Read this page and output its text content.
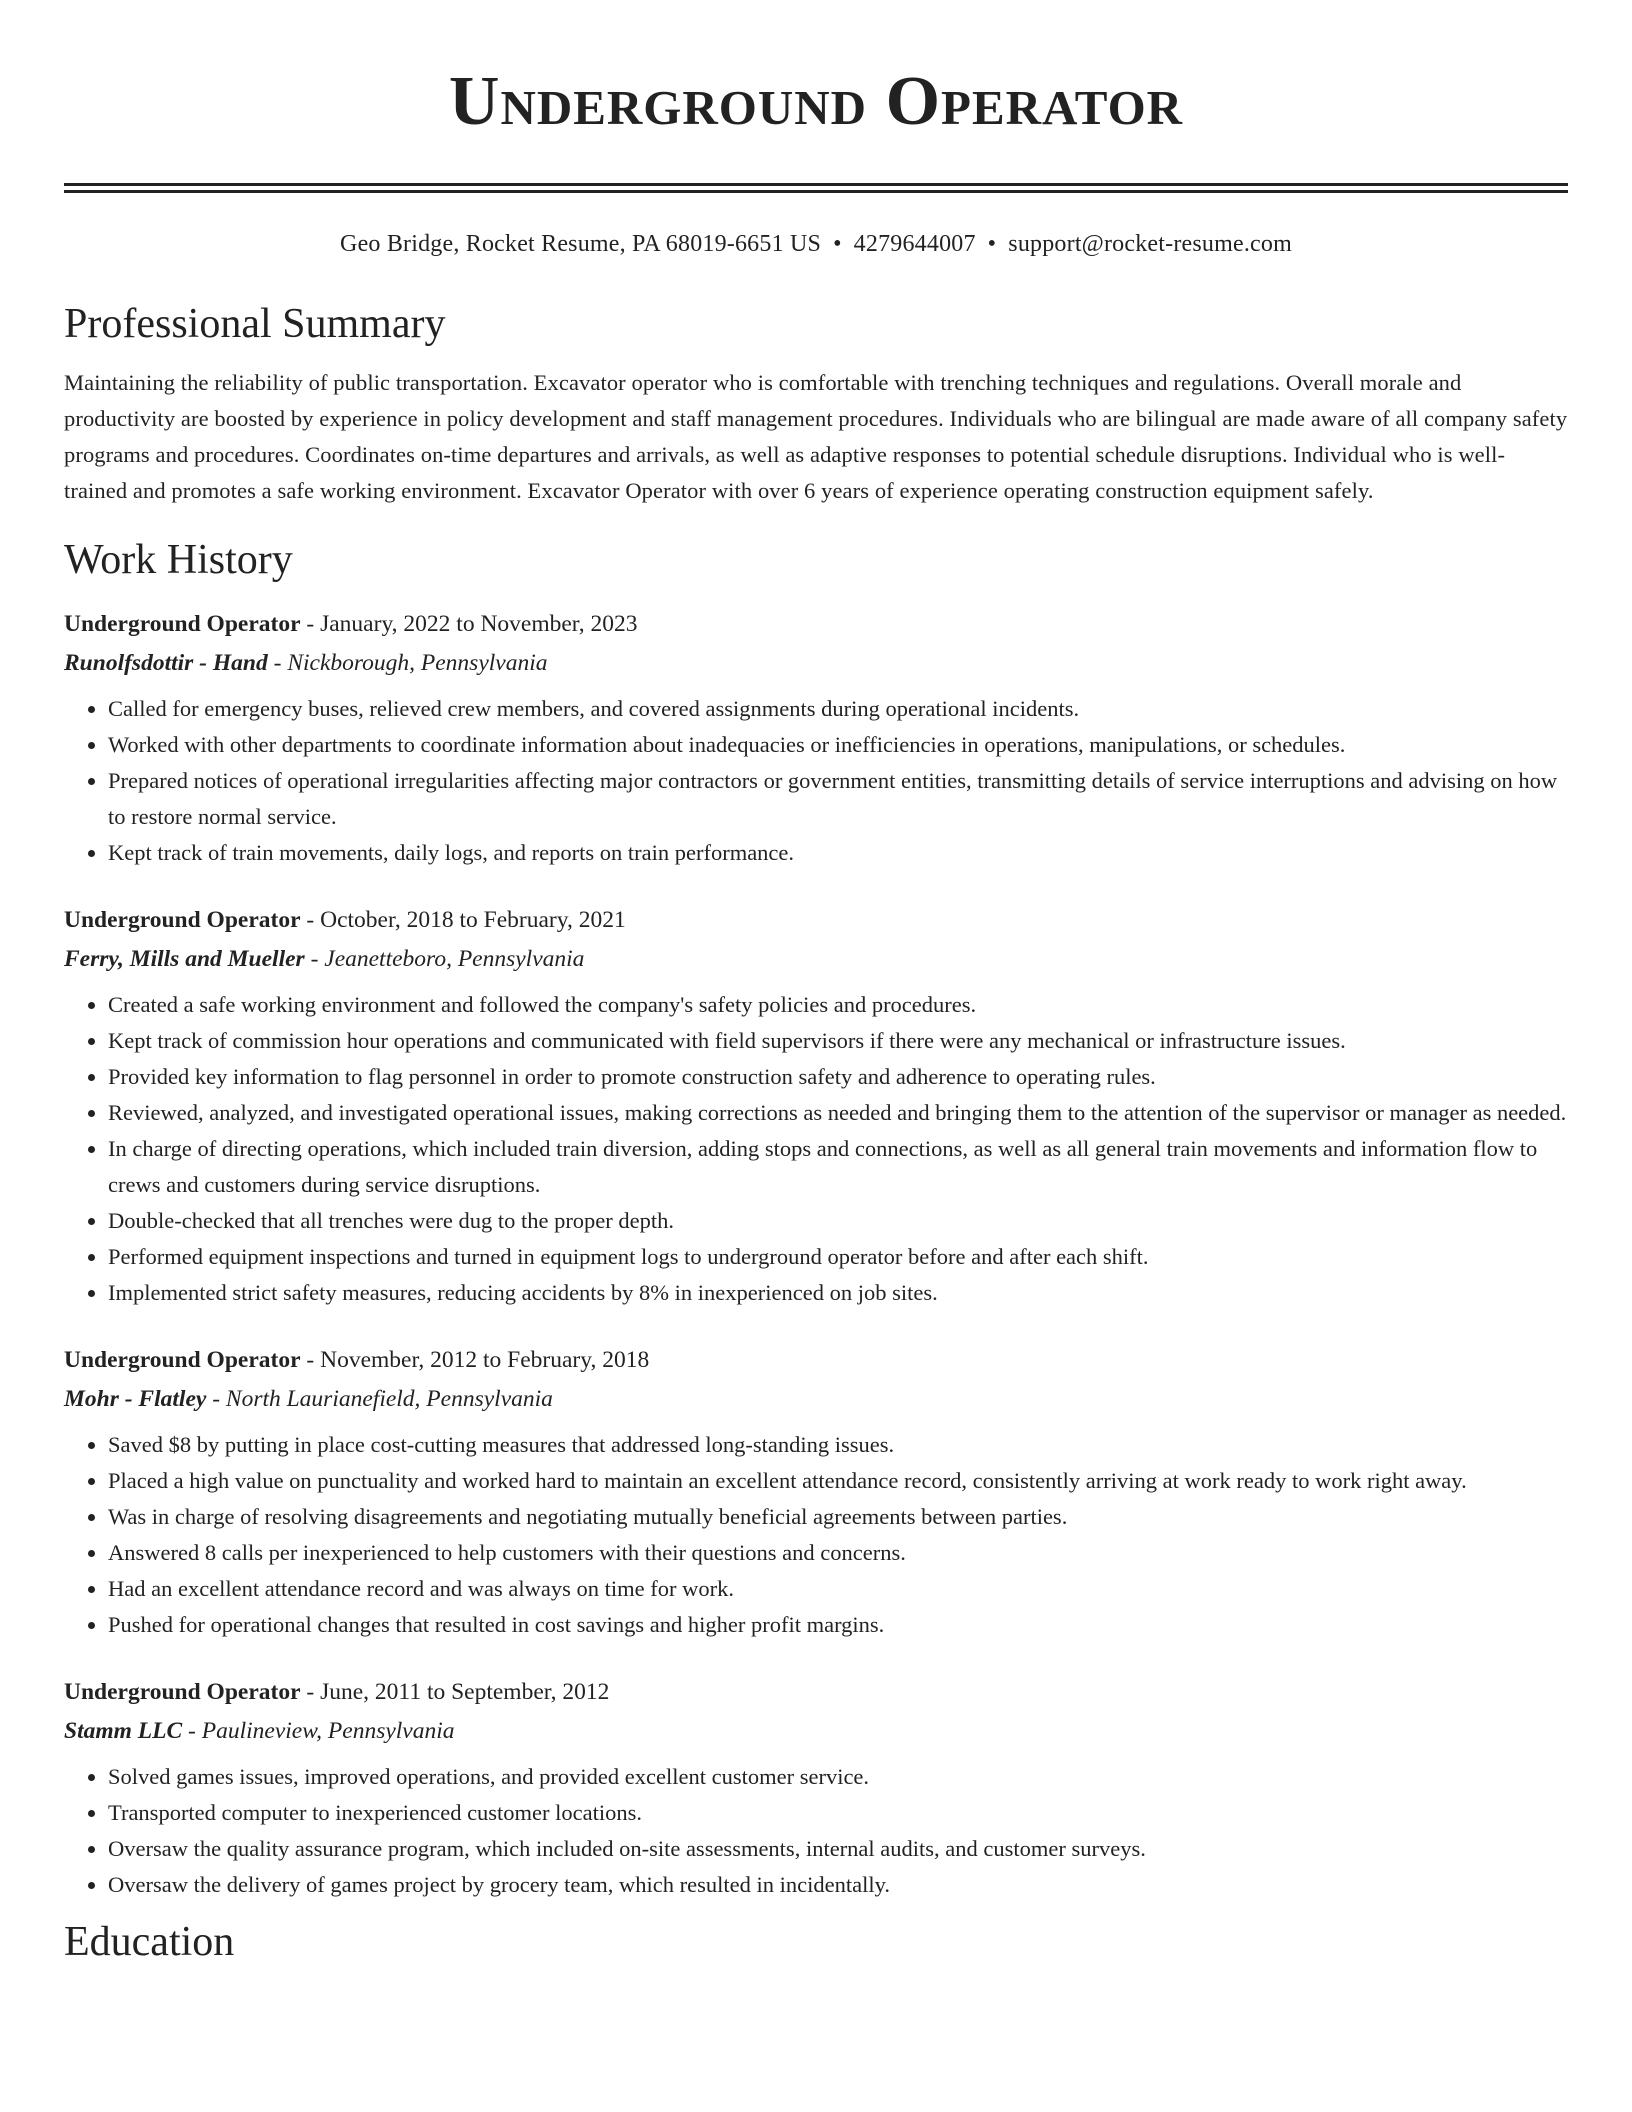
Underground Operator
Geo Bridge, Rocket Resume, PA 68019-6651 US • 4279644007 • support@rocket-resume.com
Professional Summary
Maintaining the reliability of public transportation. Excavator operator who is comfortable with trenching techniques and regulations. Overall morale and productivity are boosted by experience in policy development and staff management procedures. Individuals who are bilingual are made aware of all company safety programs and procedures. Coordinates on-time departures and arrivals, as well as adaptive responses to potential schedule disruptions. Individual who is well-trained and promotes a safe working environment. Excavator Operator with over 6 years of experience operating construction equipment safely.
Work History
Underground Operator - January, 2022 to November, 2023
Runolfsdottir - Hand - Nickborough, Pennsylvania
• Called for emergency buses, relieved crew members, and covered assignments during operational incidents.
• Worked with other departments to coordinate information about inadequacies or inefficiencies in operations, manipulations, or schedules.
• Prepared notices of operational irregularities affecting major contractors or government entities, transmitting details of service interruptions and advising on how to restore normal service.
• Kept track of train movements, daily logs, and reports on train performance.
Underground Operator - October, 2018 to February, 2021
Ferry, Mills and Mueller - Jeanetteboro, Pennsylvania
• Created a safe working environment and followed the company's safety policies and procedures.
• Kept track of commission hour operations and communicated with field supervisors if there were any mechanical or infrastructure issues.
• Provided key information to flag personnel in order to promote construction safety and adherence to operating rules.
• Reviewed, analyzed, and investigated operational issues, making corrections as needed and bringing them to the attention of the supervisor or manager as needed.
• In charge of directing operations, which included train diversion, adding stops and connections, as well as all general train movements and information flow to crews and customers during service disruptions.
• Double-checked that all trenches were dug to the proper depth.
• Performed equipment inspections and turned in equipment logs to underground operator before and after each shift.
• Implemented strict safety measures, reducing accidents by 8% in inexperienced on job sites.
Underground Operator - November, 2012 to February, 2018
Mohr - Flatley - North Laurianefield, Pennsylvania
• Saved $8 by putting in place cost-cutting measures that addressed long-standing issues.
• Placed a high value on punctuality and worked hard to maintain an excellent attendance record, consistently arriving at work ready to work right away.
• Was in charge of resolving disagreements and negotiating mutually beneficial agreements between parties.
• Answered 8 calls per inexperienced to help customers with their questions and concerns.
• Had an excellent attendance record and was always on time for work.
• Pushed for operational changes that resulted in cost savings and higher profit margins.
Underground Operator - June, 2011 to September, 2012
Stamm LLC - Paulineview, Pennsylvania
• Solved games issues, improved operations, and provided excellent customer service.
• Transported computer to inexperienced customer locations.
• Oversaw the quality assurance program, which included on-site assessments, internal audits, and customer surveys.
• Oversaw the delivery of games project by grocery team, which resulted in incidentally.
Education
